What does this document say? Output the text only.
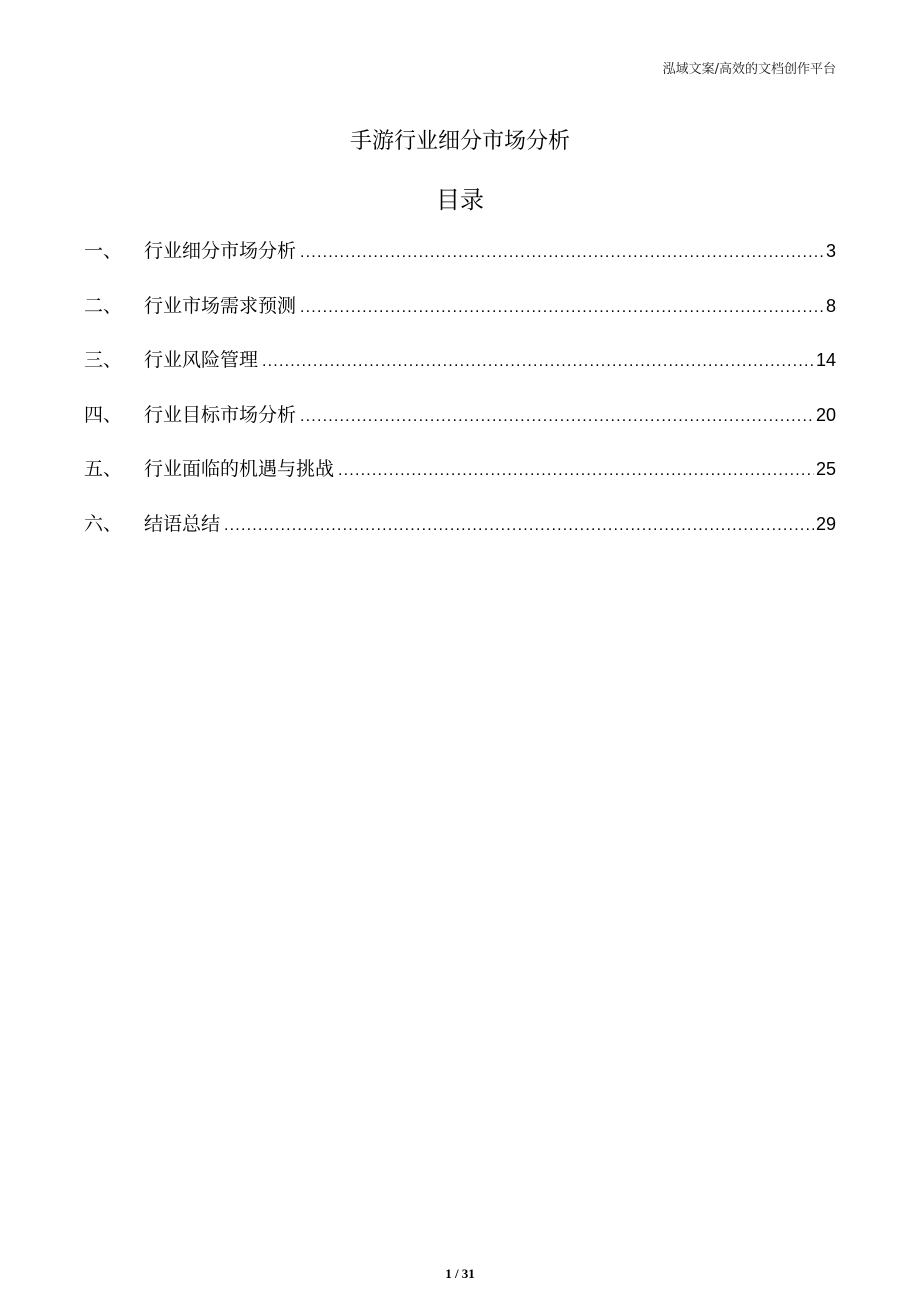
泓域文案/高效的文档创作平台
手游行业细分市场分析
目录
一、	行业细分市场分析 .....	3
二、	行业市场需求预测 .....	8
三、	行业风险管理 .....	14
四、	行业目标市场分析 .....	20
五、	行业面临的机遇与挑战 .....	25
六、	结语总结 .....	29
1 / 31
